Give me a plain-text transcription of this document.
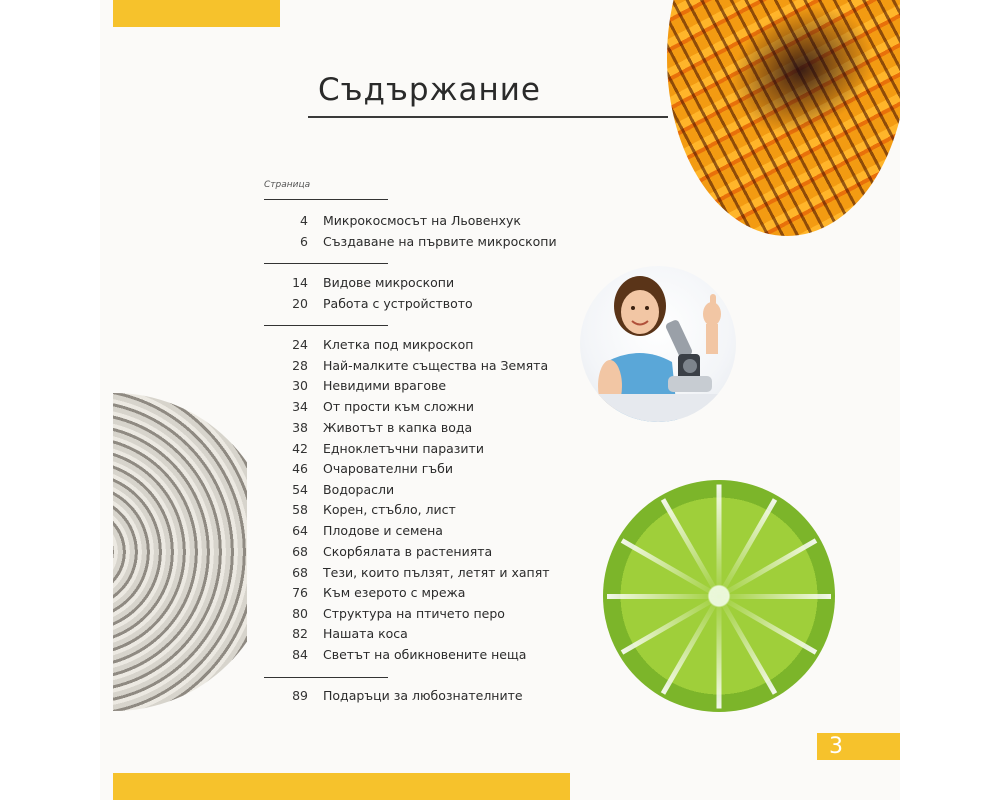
Съдържание
Страница
4 Микрокосмосът на Льовенхук
6 Създаване на първите микроскопи
14 Видове микроскопи
20 Работа с устройството
24 Клетка под микроскоп
28 Най-малките същества на Земята
30 Невидими врагове
34 От прости към сложни
38 Животът в капка вода
42 Едноклетъчни паразити
46 Очарователни гъби
54 Водорасли
58 Корен, стъбло, лист
64 Плодове и семена
68 Скорбялата в растенията
68 Тези, които пълзят, летят и хапят
76 Към езерото с мрежа
80 Структура на птичето перо
82 Нашата коса
84 Светът на обикновените неща
89 Подаръци за любознателните
3
